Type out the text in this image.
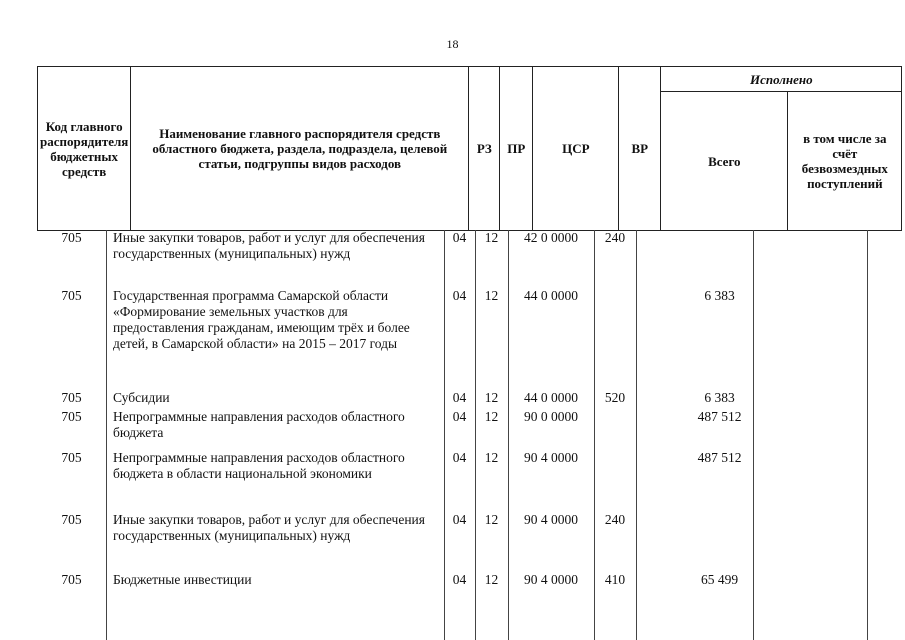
18
Код главного распорядителя бюджетных средств	Наименование главного распорядителя средств областного бюджета, раздела, подраздела, целевой статьи, подгруппы видов расходов	РЗ	ПР	ЦСР	ВР	Исполнено	
						Всего	в том числе за счёт безвозмездных поступлений
705	Иные закупки товаров, работ и услуг для обеспечения государственных (муниципальных) нужд	04	12	42 0 0000	240		
705	Государственная программа Самарской области «Формирование земельных участков для предоставления гражданам, имеющим трёх и более детей, в Самарской области» на 2015 – 2017 годы	04	12	44 0 0000		6 383	
705	Субсидии	04	12	44 0 0000	520	6 383	
705	Непрограммные направления расходов областного бюджета	04	12	90 0 0000		487 512	
705	Непрограммные направления расходов областного бюджета в области национальной экономики	04	12	90 4 0000		487 512	
705	Иные закупки товаров, работ и услуг для обеспечения государственных (муниципальных) нужд	04	12	90 4 0000	240		
705	Бюджетные инвестиции	04	12	90 4 0000	410	65 499	
